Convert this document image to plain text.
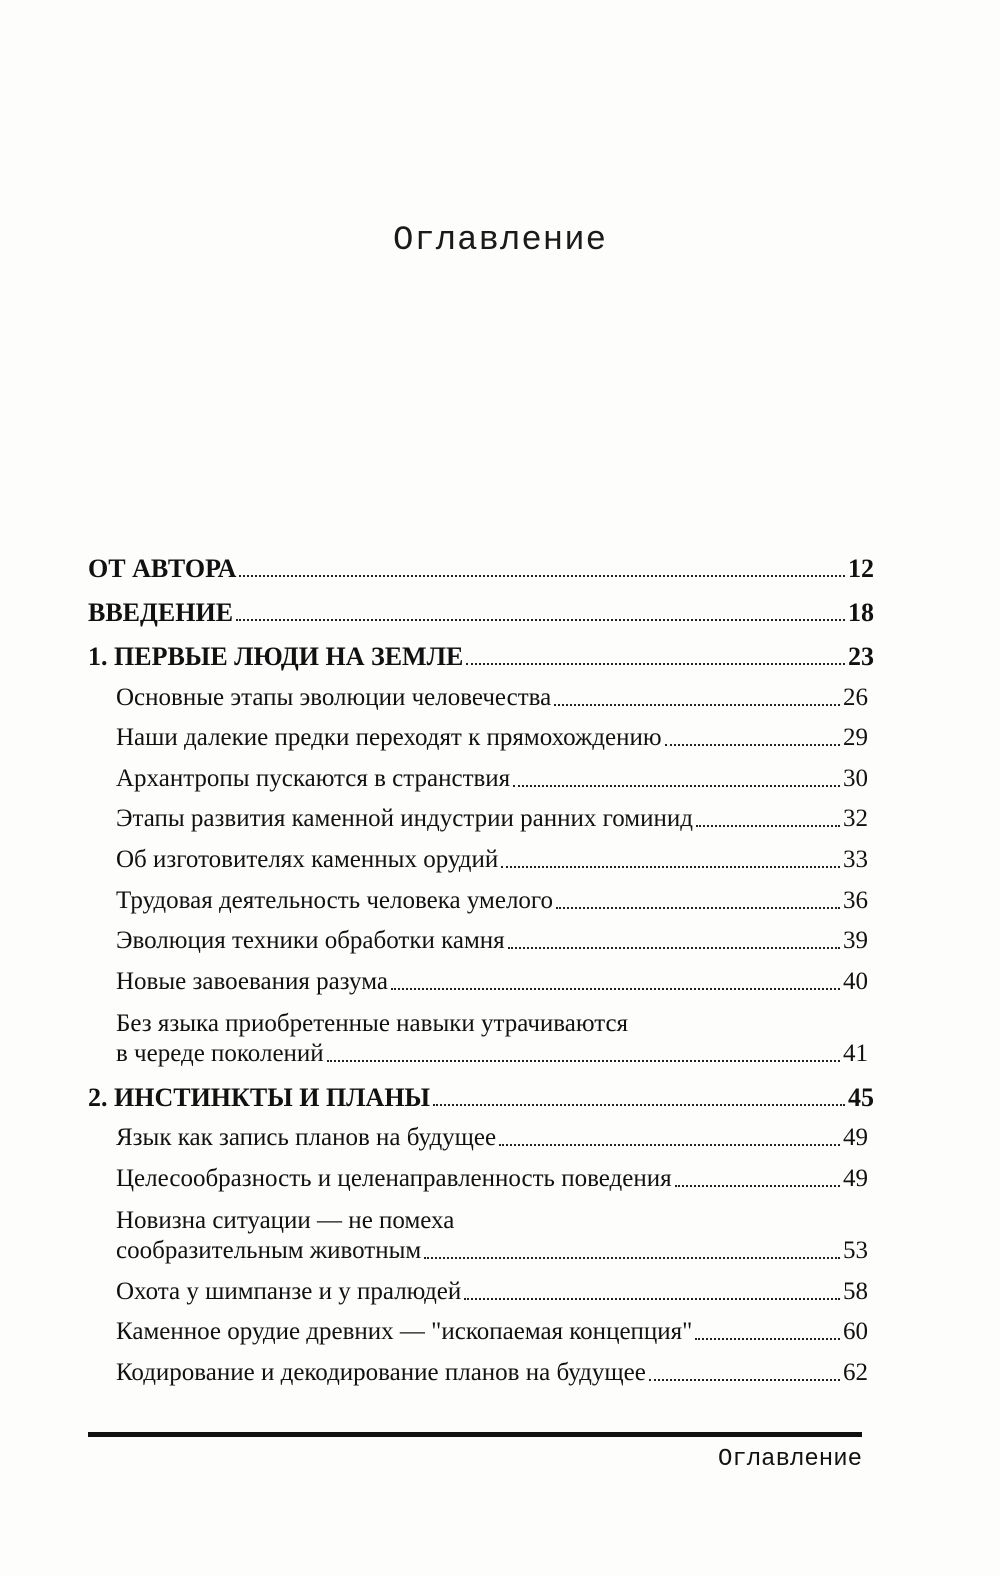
Оглавление
ОТ АВТОРА	12
ВВЕДЕНИЕ	18
1. ПЕРВЫЕ ЛЮДИ НА ЗЕМЛЕ	23
Основные этапы эволюции человечества	26
Наши далекие предки переходят к прямохождению	29
Архантропы пускаются в странствия	30
Этапы развития каменной индустрии ранних гоминид	32
Об изготовителях каменных орудий	33
Трудовая деятельность человека умелого	36
Эволюция техники обработки камня	39
Новые завоевания разума	40
Без языка приобретенные навыки утрачиваются
в череде поколений	41
2. ИНСТИНКТЫ И ПЛАНЫ	45
Язык как запись планов на будущее	49
Целесообразность и целенаправленность поведения	49
Новизна ситуации — не помеха
сообразительным животным	53
Охота у шимпанзе и у пралюдей	58
Каменное орудие древних — "ископаемая концепция"	60
Кодирование и декодирование планов на будущее	62
Оглавление
